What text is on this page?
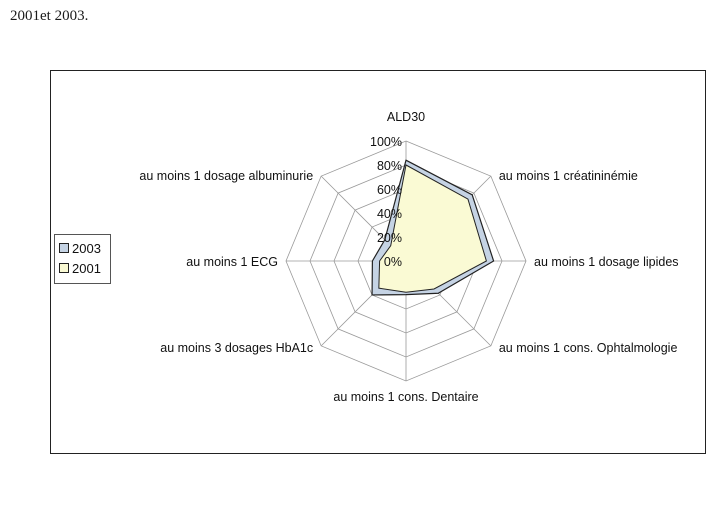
2001et 2003.
0%
20%
40%
60%
80%
100%
ALD30
au moins 1 créatininémie
au moins 1 dosage lipides
au moins 1 cons. Ophtalmologie
au moins 1 cons. Dentaire
au moins 3 dosages HbA1c
au moins 1 ECG
au moins 1 dosage albuminurie
2003
2001
